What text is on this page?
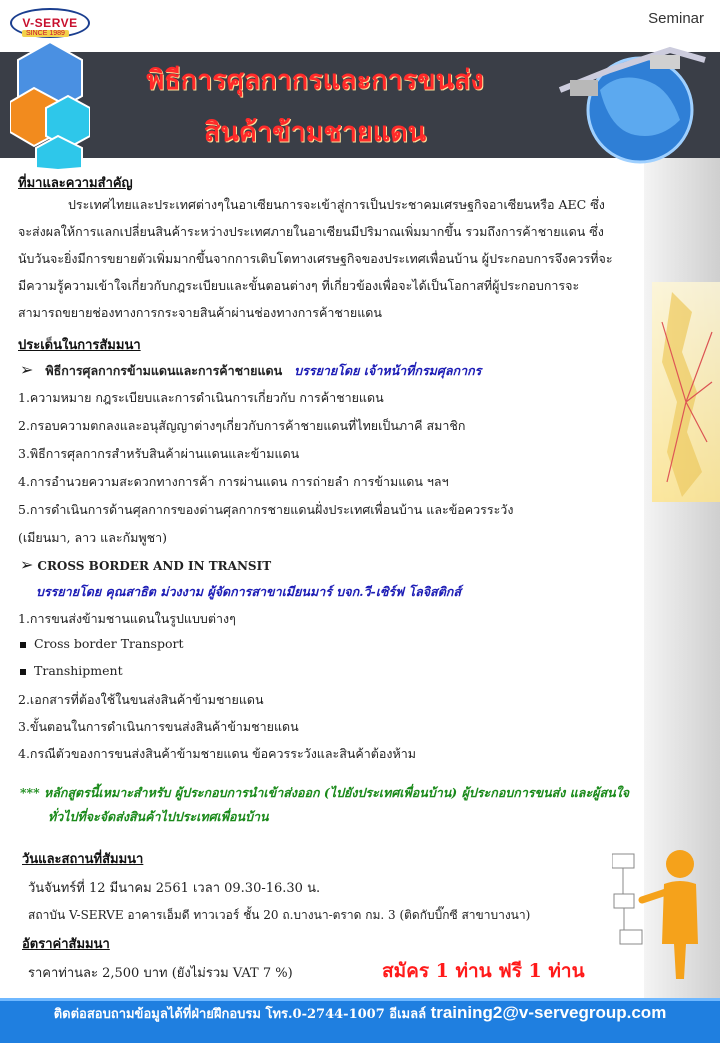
V-SERVE
SINCE 1989
Seminar
พิธีการศุลกากรและการขนส่ง
สินค้าข้ามชายแดน
ที่มาและความสำคัญ
ประเทศไทยและประเทศต่างๆในอาเซียนการจะเข้าสู่การเป็นประชาคมเศรษฐกิจอาเซียนหรือ AEC ซึ่ง
จะส่งผลให้การแลกเปลี่ยนสินค้าระหว่างประเทศภายในอาเซียนมีปริมาณเพิ่มมากขึ้น รวมถึงการค้าชายแดน ซึ่ง
นับวันจะยิ่งมีการขยายตัวเพิ่มมากขึ้นจากการเติบโตทางเศรษฐกิจของประเทศเพื่อนบ้าน ผู้ประกอบการจึงควรที่จะ
มีความรู้ความเข้าใจเกี่ยวกับกฎระเบียบและขั้นตอนต่างๆ ที่เกี่ยวข้องเพื่อจะได้เป็นโอกาสที่ผู้ประกอบการจะ
สามารถขยายช่องทางการกระจายสินค้าผ่านช่องทางการค้าชายแดน
ประเด็นในการสัมมนา
➢ พิธีการศุลกากรข้ามแดนและการค้าชายแดน บรรยายโดย เจ้าหน้าที่กรมศุลกากร
1.ความหมาย กฎระเบียบและการดำเนินการเกี่ยวกับ การค้าชายแดน
2.กรอบความตกลงและอนุสัญญาต่างๆเกี่ยวกับการค้าชายแดนที่ไทยเป็นภาคี สมาชิก
3.พิธีการศุลกากรสำหรับสินค้าผ่านแดนและข้ามแดน
4.การอำนวยความสะดวกทางการค้า การผ่านแดน การถ่ายลำ การข้ามแดน ฯลฯ
5.การดำเนินการด้านศุลกากรของด่านศุลกากรชายแดนฝั่งประเทศเพื่อนบ้าน และข้อควรระวัง
(เมียนมา, ลาว และกัมพูชา)
➢ CROSS BORDER AND IN TRANSIT
บรรยายโดย คุณสาธิต ม่วงงาม ผู้จัดการสาขาเมียนมาร์ บจก.วี-เซิร์ฟ โลจิสติกส์
1.การขนส่งข้ามชานแดนในรูปแบบต่างๆ
Cross border Transport
Transhipment
2.เอกสารที่ต้องใช้ในขนส่งสินค้าข้ามชายแดน
3.ขั้นตอนในการดำเนินการขนส่งสินค้าข้ามชายแดน
4.กรณีตัวของการขนส่งสินค้าข้ามชายแดน ข้อควรระวังและสินค้าต้องห้าม
*** หลักสูตรนี้เหมาะสำหรับ ผู้ประกอบการนำเข้าส่งออก (ไปยังประเทศเพื่อนบ้าน) ผู้ประกอบการขนส่ง และผู้สนใจ
ทั่วไปที่จะจัดส่งสินค้าไปประเทศเพื่อนบ้าน
วันและสถานที่สัมมนา
วันจันทร์ที่ 12 มีนาคม 2561 เวลา 09.30-16.30 น.
สถาบัน V-SERVE อาคารเอ็มดี ทาวเวอร์ ชั้น 20 ถ.บางนา-ตราด กม. 3 (ติดกับบิ๊กซี สาขาบางนา)
อัตราค่าสัมมนา
ราคาท่านละ 2,500 บาท (ยังไม่รวม VAT 7 %)	สมัคร 1 ท่าน ฟรี 1 ท่าน
ติดต่อสอบถามข้อมูลได้ที่ฝ่ายฝึกอบรม โทร.0-2744-1007 อีเมลล์ training2@v-servegroup.com
